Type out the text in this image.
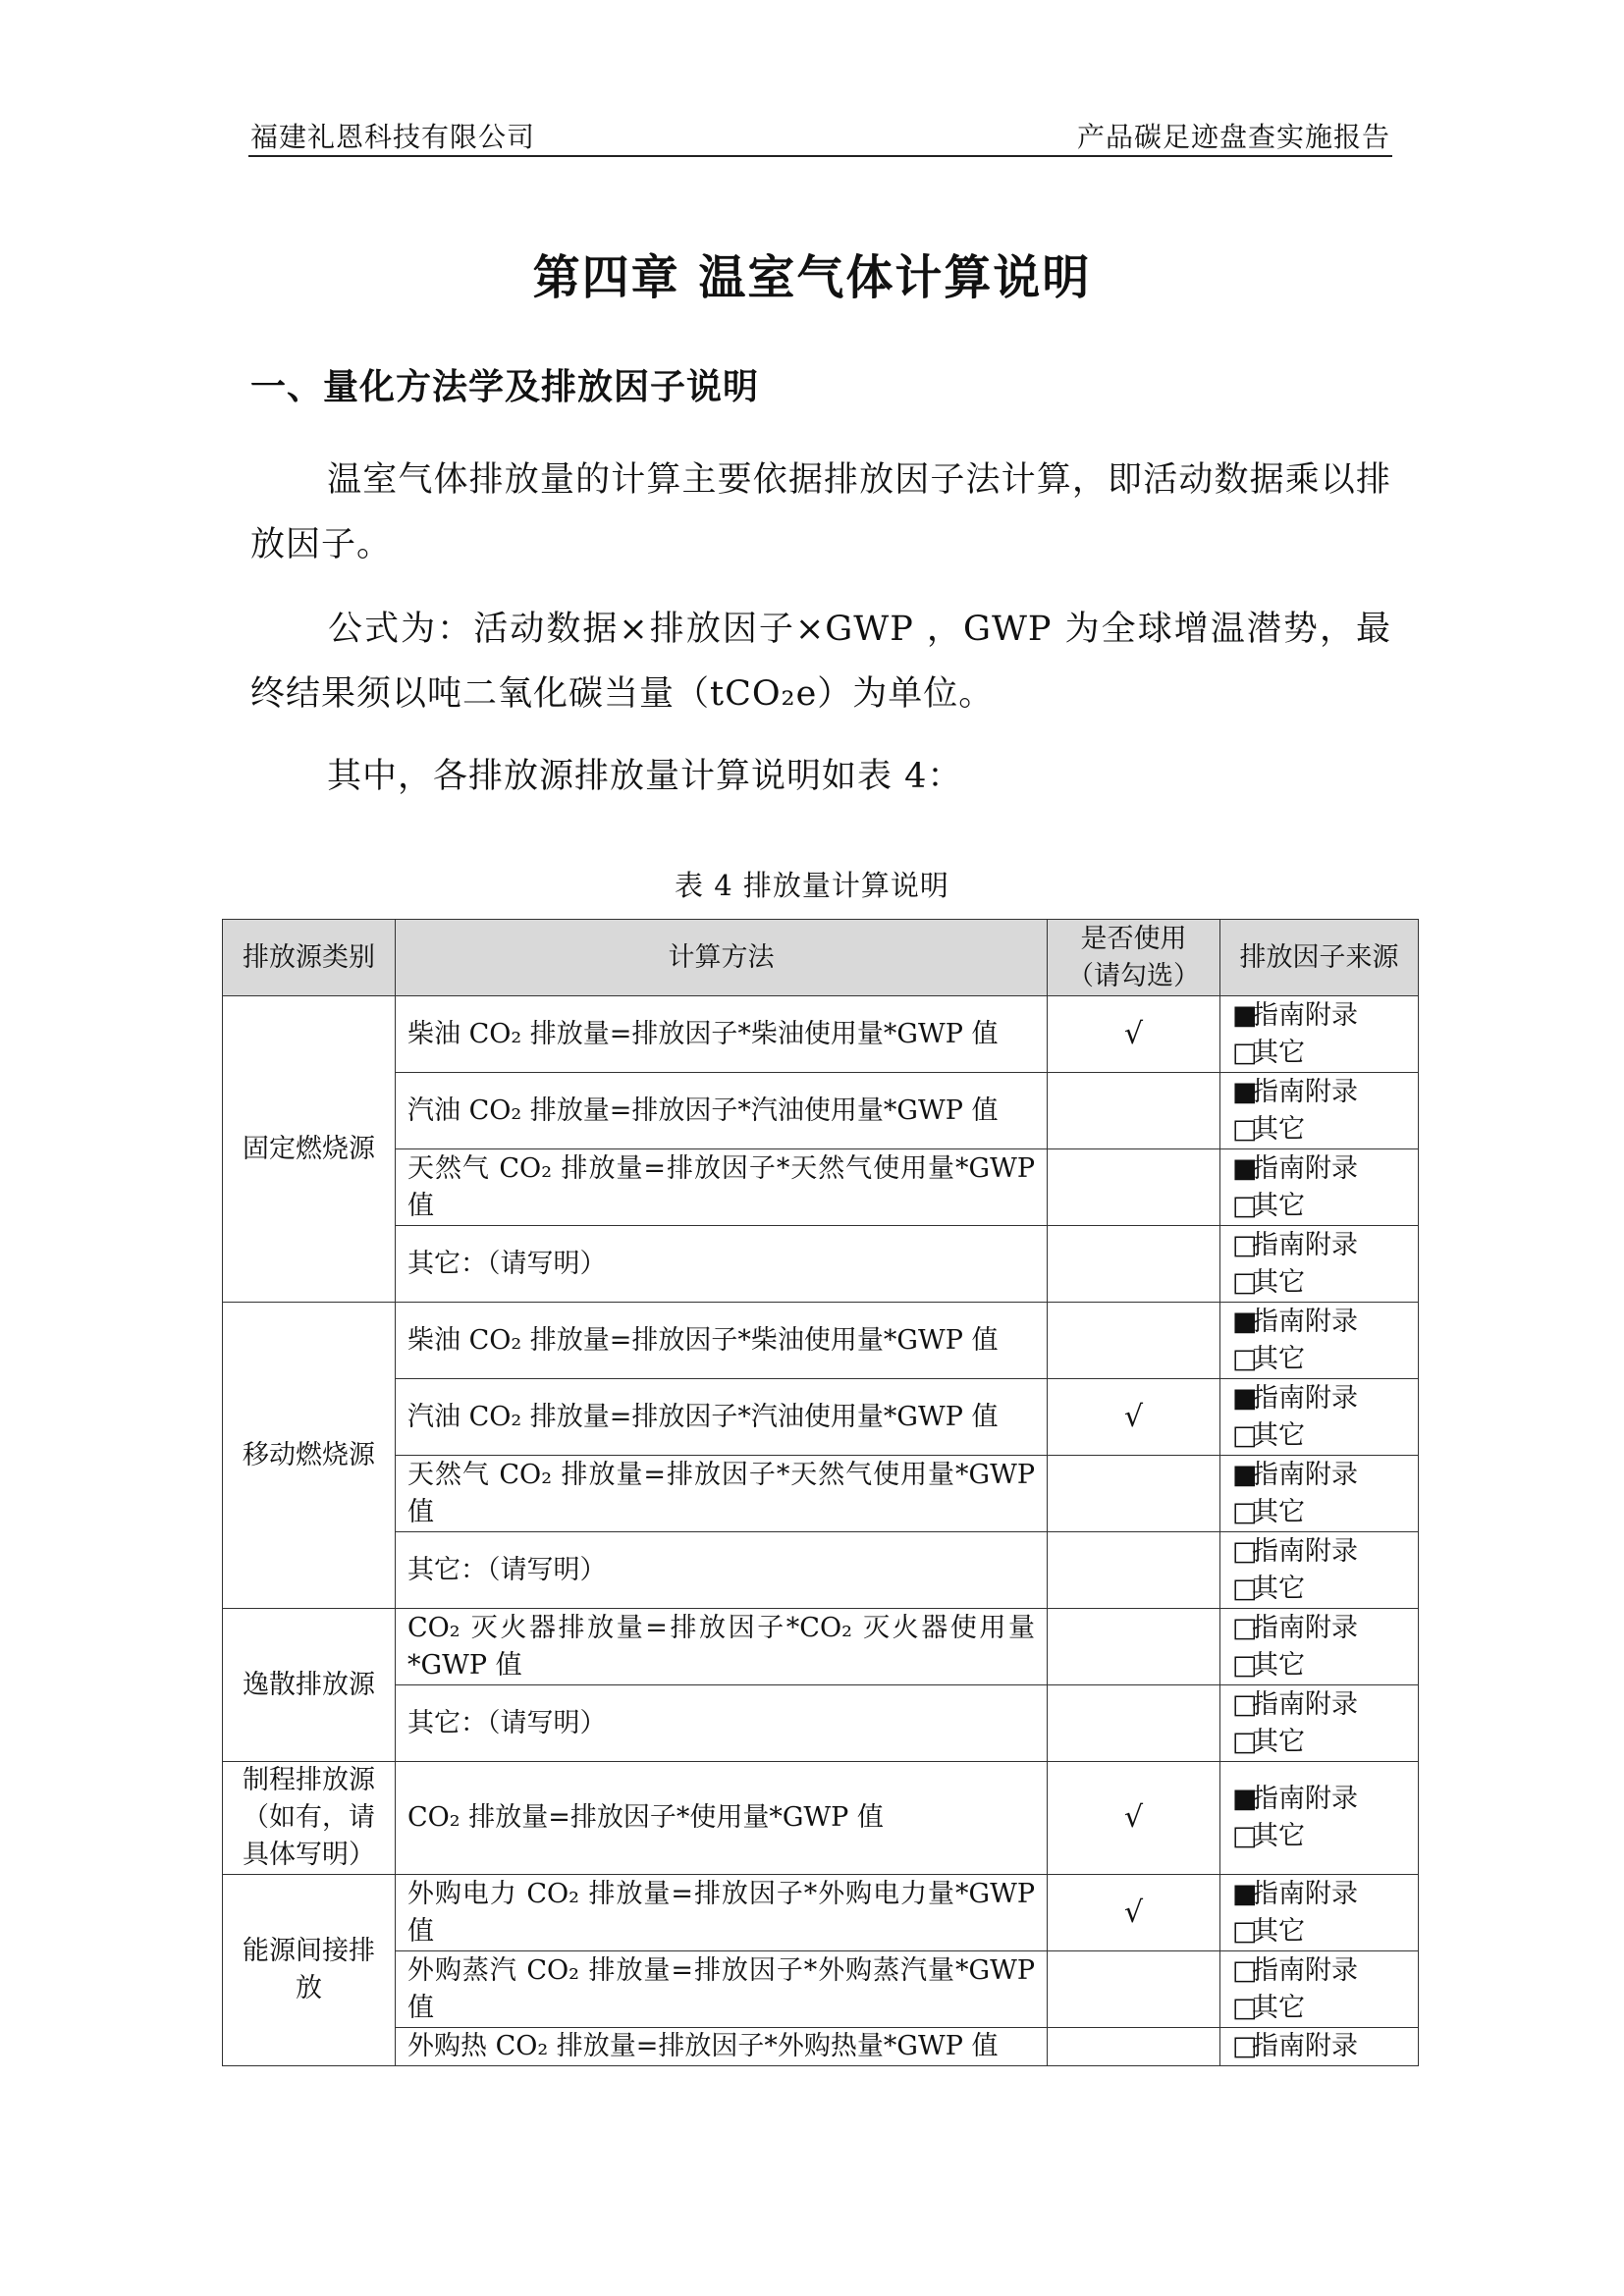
福建礼恩科技有限公司	产品碳足迹盘查实施报告
第四章 温室气体计算说明
一、量化方法学及排放因子说明
温室气体排放量的计算主要依据排放因子法计算，即活动数据乘以排放因子。
公式为：活动数据×排放因子×GWP ，GWP 为全球增温潜势，最终结果须以吨二氧化碳当量（tCO₂e）为单位。
其中，各排放源排放量计算说明如表 4：
表 4 排放量计算说明
排放源类别	计算方法	是否使用（请勾选）	排放因子来源
固定燃烧源	柴油 CO₂ 排放量=排放因子*柴油使用量*GWP 值	√	■指南附录
□其它

	汽油 CO₂ 排放量=排放因子*汽油使用量*GWP 值		■指南附录
□其它

	天然气 CO₂ 排放量=排放因子*天然气使用量*GWP 值		■指南附录
□其它

	其它：（请写明）		□指南附录
□其它

移动燃烧源	柴油 CO₂ 排放量=排放因子*柴油使用量*GWP 值		■指南附录
□其它

	汽油 CO₂ 排放量=排放因子*汽油使用量*GWP 值	√	■指南附录
□其它

	天然气 CO₂ 排放量=排放因子*天然气使用量*GWP 值		■指南附录
□其它

	其它：（请写明）		□指南附录
□其它

逸散排放源	CO₂ 灭火器排放量=排放因子*CO₂ 灭火器使用量*GWP 值		□指南附录
□其它

	其它：（请写明）		□指南附录
□其它

制程排放源（如有，请具体写明）	CO₂ 排放量=排放因子*使用量*GWP 值	√	■指南附录
□其它

能源间接排放	外购电力 CO₂ 排放量=排放因子*外购电力量*GWP 值	√	■指南附录
□其它

	外购蒸汽 CO₂ 排放量=排放因子*外购蒸汽量*GWP 值		□指南附录
□其它

	外购热 CO₂ 排放量=排放因子*外购热量*GWP 值		□指南附录
